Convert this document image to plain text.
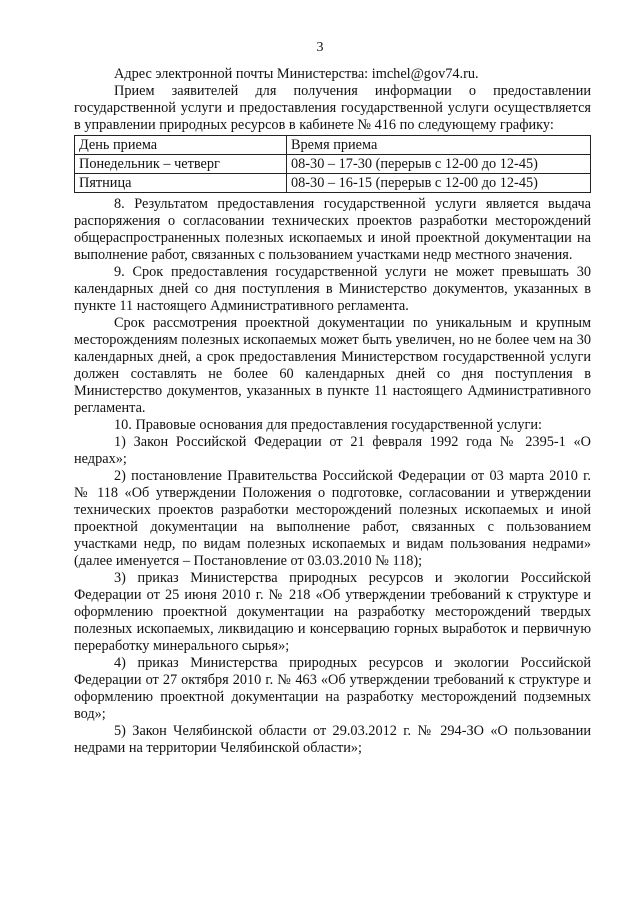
3

Адрес электронной почты Министерства: imchel@gov74.ru.

Прием заявителей для получения информации о предоставлении государственной услуги и предоставления государственной услуги осуществляется в управлении природных ресурсов в кабинете № 416 по следующему графику:

День приема	Время приема
Понедельник – четверг	08-30 – 17-30 (перерыв с 12-00 до 12-45)
Пятница	08-30 – 16-15 (перерыв с 12-00 до 12-45)

8. Результатом предоставления государственной услуги является выдача распоряжения о согласовании технических проектов разработки месторождений общераспространенных полезных ископаемых и иной проектной документации на выполнение работ, связанных с пользованием участками недр местного значения.

9. Срок предоставления государственной услуги не может превышать 30 календарных дней со дня поступления в Министерство документов, указанных в пункте 11 настоящего Административного регламента.

Срок рассмотрения проектной документации по уникальным и крупным месторождениям полезных ископаемых может быть увеличен, но не более чем на 30 календарных дней, а срок предоставления Министерством государственной услуги должен составлять не более 60 календарных дней со дня поступления в Министерство документов, указанных в пункте 11 настоящего Административного регламента.

10. Правовые основания для предоставления государственной услуги:

1) Закон Российской Федерации от 21 февраля 1992 года № 2395-1 «О недрах»;

2) постановление Правительства Российской Федерации от 03 марта 2010 г. № 118 «Об утверждении Положения о подготовке, согласовании и утверждении технических проектов разработки месторождений полезных ископаемых и иной проектной документации на выполнение работ, связанных с пользованием участками недр, по видам полезных ископаемых и видам пользования недрами» (далее именуется – Постановление от 03.03.2010 № 118);

3) приказ Министерства природных ресурсов и экологии Российской Федерации от 25 июня 2010 г. № 218 «Об утверждении требований к структуре и оформлению проектной документации на разработку месторождений твердых полезных ископаемых, ликвидацию и консервацию горных выработок и первичную переработку минерального сырья»;

4) приказ Министерства природных ресурсов и экологии Российской Федерации от 27 октября 2010 г. № 463 «Об утверждении требований к структуре и оформлению проектной документации на разработку месторождений подземных вод»;

5) Закон Челябинской области от 29.03.2012 г. № 294-ЗО «О пользовании недрами на территории Челябинской области»;
